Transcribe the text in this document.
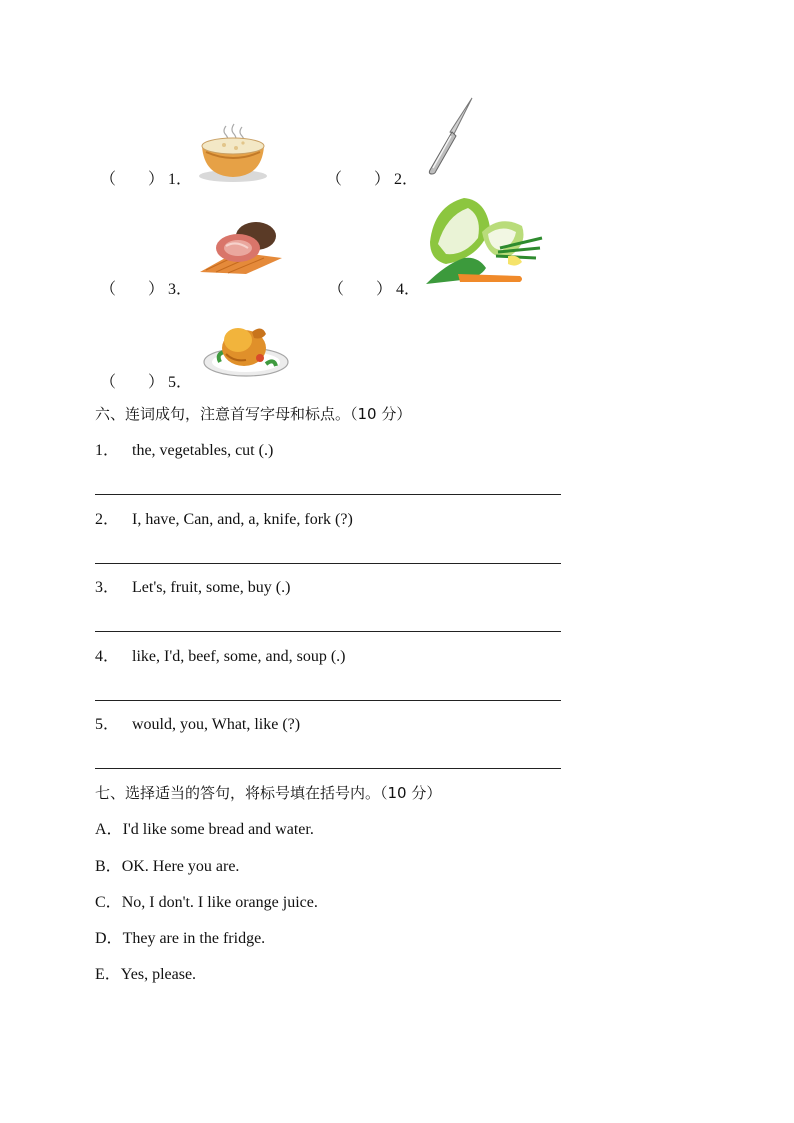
（　　） 1．	（　　） 2．
（　　） 3．	（　　） 4．
（　　） 5．
六、连词成句，注意首写字母和标点。（10 分）
1． the, vegetables, cut (.)
2． I, have, Can, and, a, knife, fork (?)
3． Let's, fruit, some, buy (.)
4． like, I'd, beef, some, and, soup (.)
5． would, you, What, like (?)
七、选择适当的答句，将标号填在括号内。（10 分）
A．I'd like some bread and water.
B．OK. Here you are.
C．No, I don't. I like orange juice.
D．They are in the fridge.
E．Yes, please.
